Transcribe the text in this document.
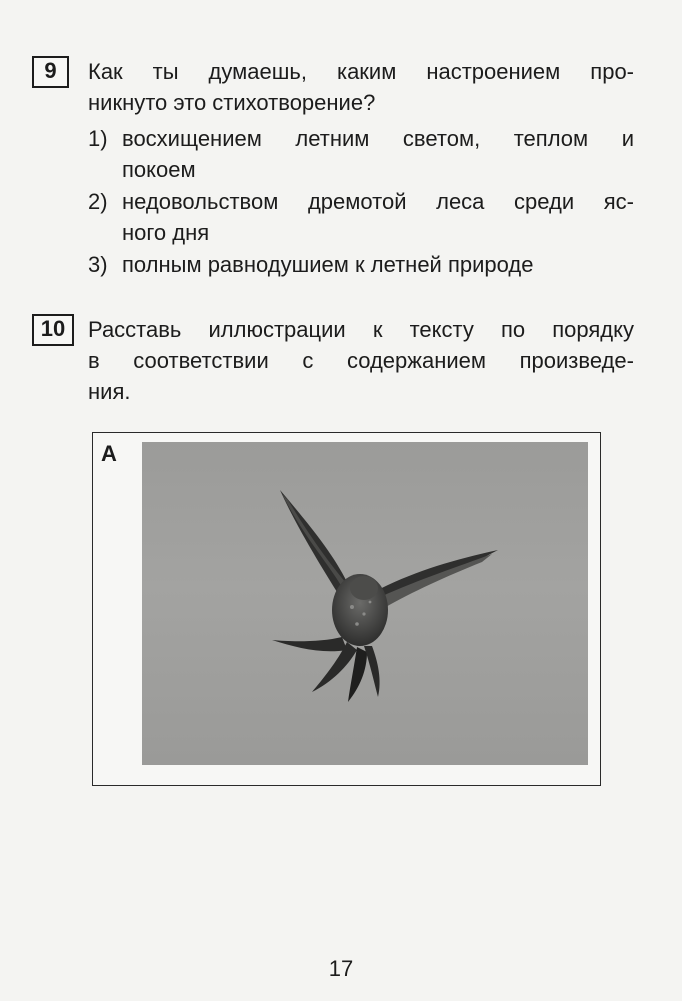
9	Как ты думаешь, каким настроением про-
никнуто это стихотворение?
1) восхищением летним светом, теплом и
покоем
2) недовольством дремотой леса среди яс-
ного дня
3) полным равнодушием к летней природе
10	Расставь иллюстрации к тексту по порядку
в соответствии с содержанием произведе-
ния.
А
17
